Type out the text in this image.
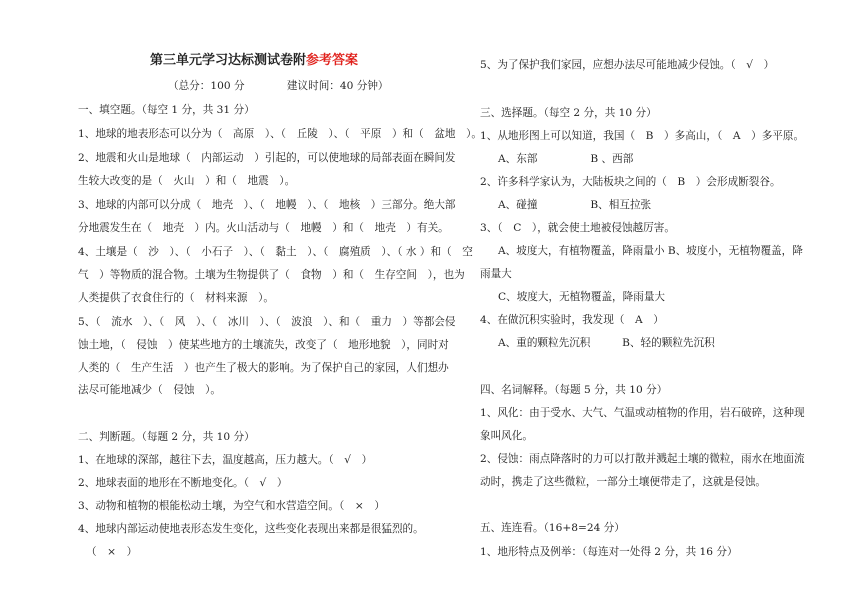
第三单元学习达标测试卷附参考答案
（总分：100 分　　　　建议时间：40 分钟）
一、填空题。（每空 1 分，共 31 分）
1、地球的地表形态可以分为（　高原　）、（　丘陵　）、（　平原　）和（　盆地　）。
2、地震和火山是地球（　内部运动　）引起的，可以使地球的局部表面在瞬间发
生较大改变的是（　火山　）和（　地震　）。
3、地球的内部可以分成（　地壳　）、（　地幔　）、（　地核　）三部分。绝大部
分地震发生在（　地壳　）内。火山活动与（　地幔　）和（　地壳　）有关。
4、土壤是（　沙　）、（　小石子　）、（　黏土　）、（　腐殖质　）、（ 水 ）和（　空
气　）等物质的混合物。土壤为生物提供了（　食物　）和（　生存空间　），也为
人类提供了衣食住行的（　材料来源　）。
5、（　流水　）、（　风　）、（　冰川　）、（　波浪　）、和（　重力　）等都会侵
蚀土地，（　侵蚀　）使某些地方的土壤流失，改变了（　地形地貌　），同时对
人类的（　生产生活　）也产生了极大的影响。为了保护自己的家园，人们想办
法尽可能地减少（　侵蚀　）。
二、判断题。（每题 2 分，共 10 分）
1、在地球的深部，越往下去，温度越高，压力越大。（　√　）
2、地球表面的地形在不断地变化。（　√　）
3、动物和植物的根能松动土壤，为空气和水营造空间。（　×　）
4、地球内部运动使地表形态发生变化，这些变化表现出来都是很猛烈的。
（　×　）
5、为了保护我们家园，应想办法尽可能地减少侵蚀。（　√　）
三、选择题。（每空 2 分，共 10 分）
1、从地形图上可以知道，我国（　B　）多高山，（　A　）多平原。
A、东部　　　　　B 、西部
2、许多科学家认为，大陆板块之间的（　B　）会形成断裂谷。
A、碰撞　　　　　B、相互拉张
3、（　C　），就会使土地被侵蚀越厉害。
A、坡度大，有植物覆盖，降雨量小 B、坡度小，无植物覆盖，降
雨量大
C、坡度大，无植物覆盖，降雨量大
4、在做沉积实验时，我发现（　A　）
A、重的颗粒先沉积　　　B、轻的颗粒先沉积
四、名词解释。（每题 5 分，共 10 分）
1、风化：由于受水、大气、气温或动植物的作用，岩石破碎，这种现
象叫风化。
2、侵蚀：雨点降落时的力可以打散并溅起土壤的微粒，雨水在地面流
动时，携走了这些微粒，一部分土壤便带走了，这就是侵蚀。
五、连连看。（16+8=24 分）
1、地形特点及例举：（每连对一处得 2 分，共 16 分）
